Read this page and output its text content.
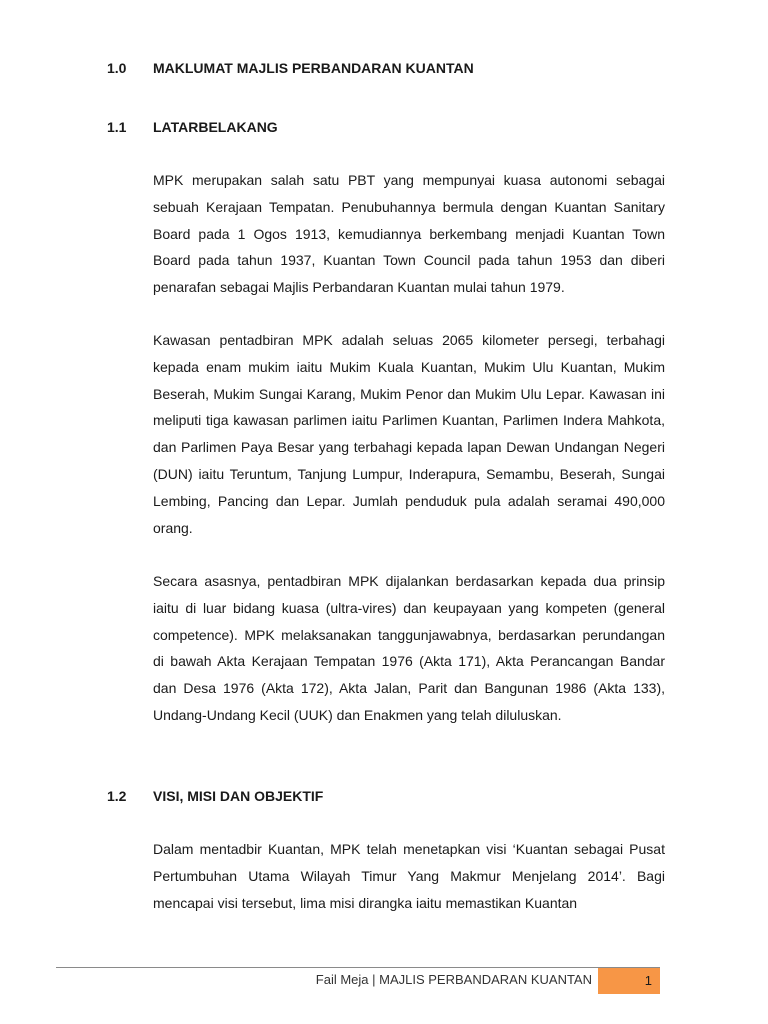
1.0 MAKLUMAT MAJLIS PERBANDARAN KUANTAN
1.1 LATARBELAKANG

MPK merupakan salah satu PBT yang mempunyai kuasa autonomi sebagai sebuah Kerajaan Tempatan. Penubuhannya bermula dengan Kuantan Sanitary Board pada 1 Ogos 1913, kemudiannya berkembang menjadi Kuantan Town Board pada tahun 1937, Kuantan Town Council pada tahun 1953 dan diberi penarafan sebagai Majlis Perbandaran Kuantan mulai tahun 1979.

Kawasan pentadbiran MPK adalah seluas 2065 kilometer persegi, terbahagi kepada enam mukim iaitu Mukim Kuala Kuantan, Mukim Ulu Kuantan, Mukim Beserah, Mukim Sungai Karang, Mukim Penor dan Mukim Ulu Lepar. Kawasan ini meliputi tiga kawasan parlimen iaitu Parlimen Kuantan, Parlimen Indera Mahkota, dan Parlimen Paya Besar yang terbahagi kepada lapan Dewan Undangan Negeri (DUN) iaitu Teruntum, Tanjung Lumpur, Inderapura, Semambu, Beserah, Sungai Lembing, Pancing dan Lepar. Jumlah penduduk pula adalah seramai 490,000 orang.

Secara asasnya, pentadbiran MPK dijalankan berdasarkan kepada dua prinsip iaitu di luar bidang kuasa (ultra-vires) dan keupayaan yang kompeten (general competence). MPK melaksanakan tanggunjawabnya, berdasarkan perundangan di bawah Akta Kerajaan Tempatan 1976 (Akta 171), Akta Perancangan Bandar dan Desa 1976 (Akta 172), Akta Jalan, Parit dan Bangunan 1986 (Akta 133), Undang-Undang Kecil (UUK) dan Enakmen yang telah diluluskan.

1.2 VISI, MISI DAN OBJEKTIF

Dalam mentadbir Kuantan, MPK telah menetapkan visi ‘Kuantan sebagai Pusat Pertumbuhan Utama Wilayah Timur Yang Makmur Menjelang 2014’. Bagi mencapai visi tersebut, lima misi dirangka iaitu memastikan Kuantan

Fail Meja | MAJLIS PERBANDARAN KUANTAN	1
